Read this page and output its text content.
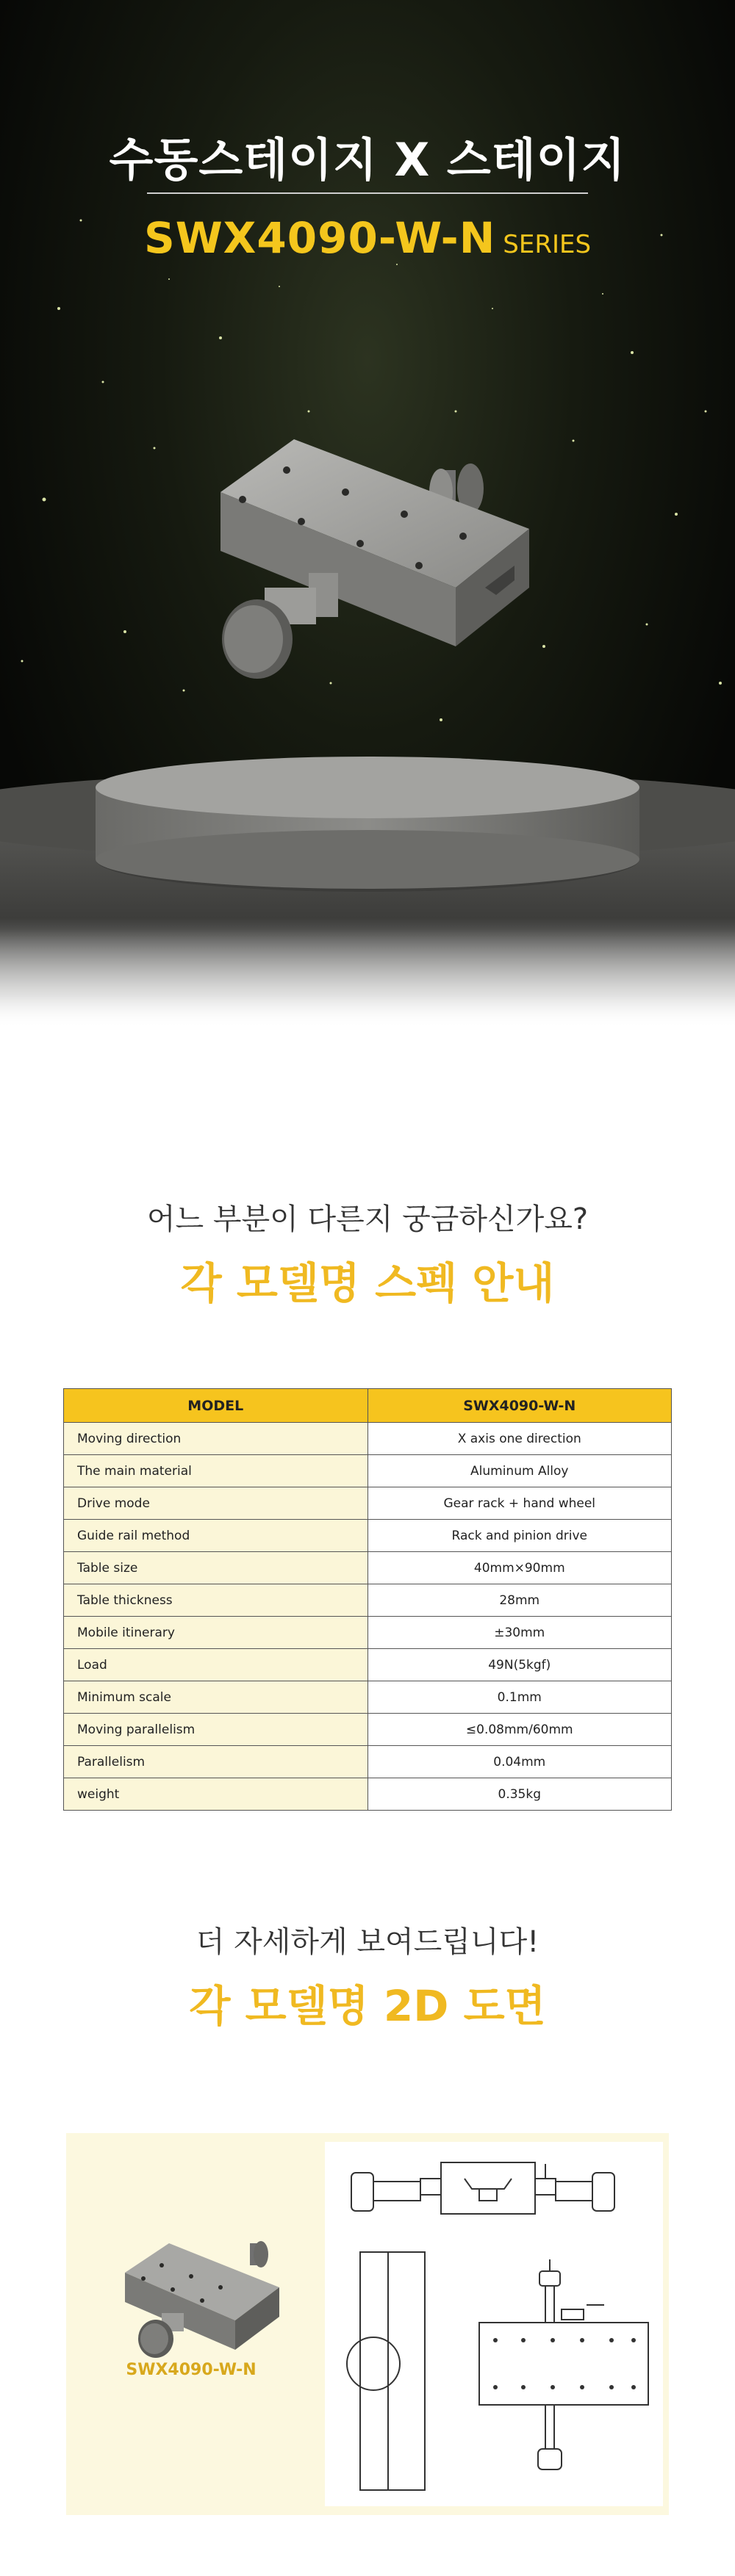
수동스테이지 X 스테이지
SWX4090-W-N SERIES
어느 부분이 다른지 궁금하신가요?
각 모델명 스펙 안내
MODEL	SWX4090-W-N
Moving direction	X axis one direction
The main material	Aluminum Alloy
Drive mode	Gear rack + hand wheel
Guide rail method	Rack and pinion drive
Table size	40mm×90mm
Table thickness	28mm
Mobile itinerary	±30mm
Load	49N(5kgf)
Minimum scale	0.1mm
Moving parallelism	≤0.08mm/60mm
Parallelism	0.04mm
weight	0.35kg
더 자세하게 보여드립니다!
각 모델명 2D 도면
SWX4090-W-N
